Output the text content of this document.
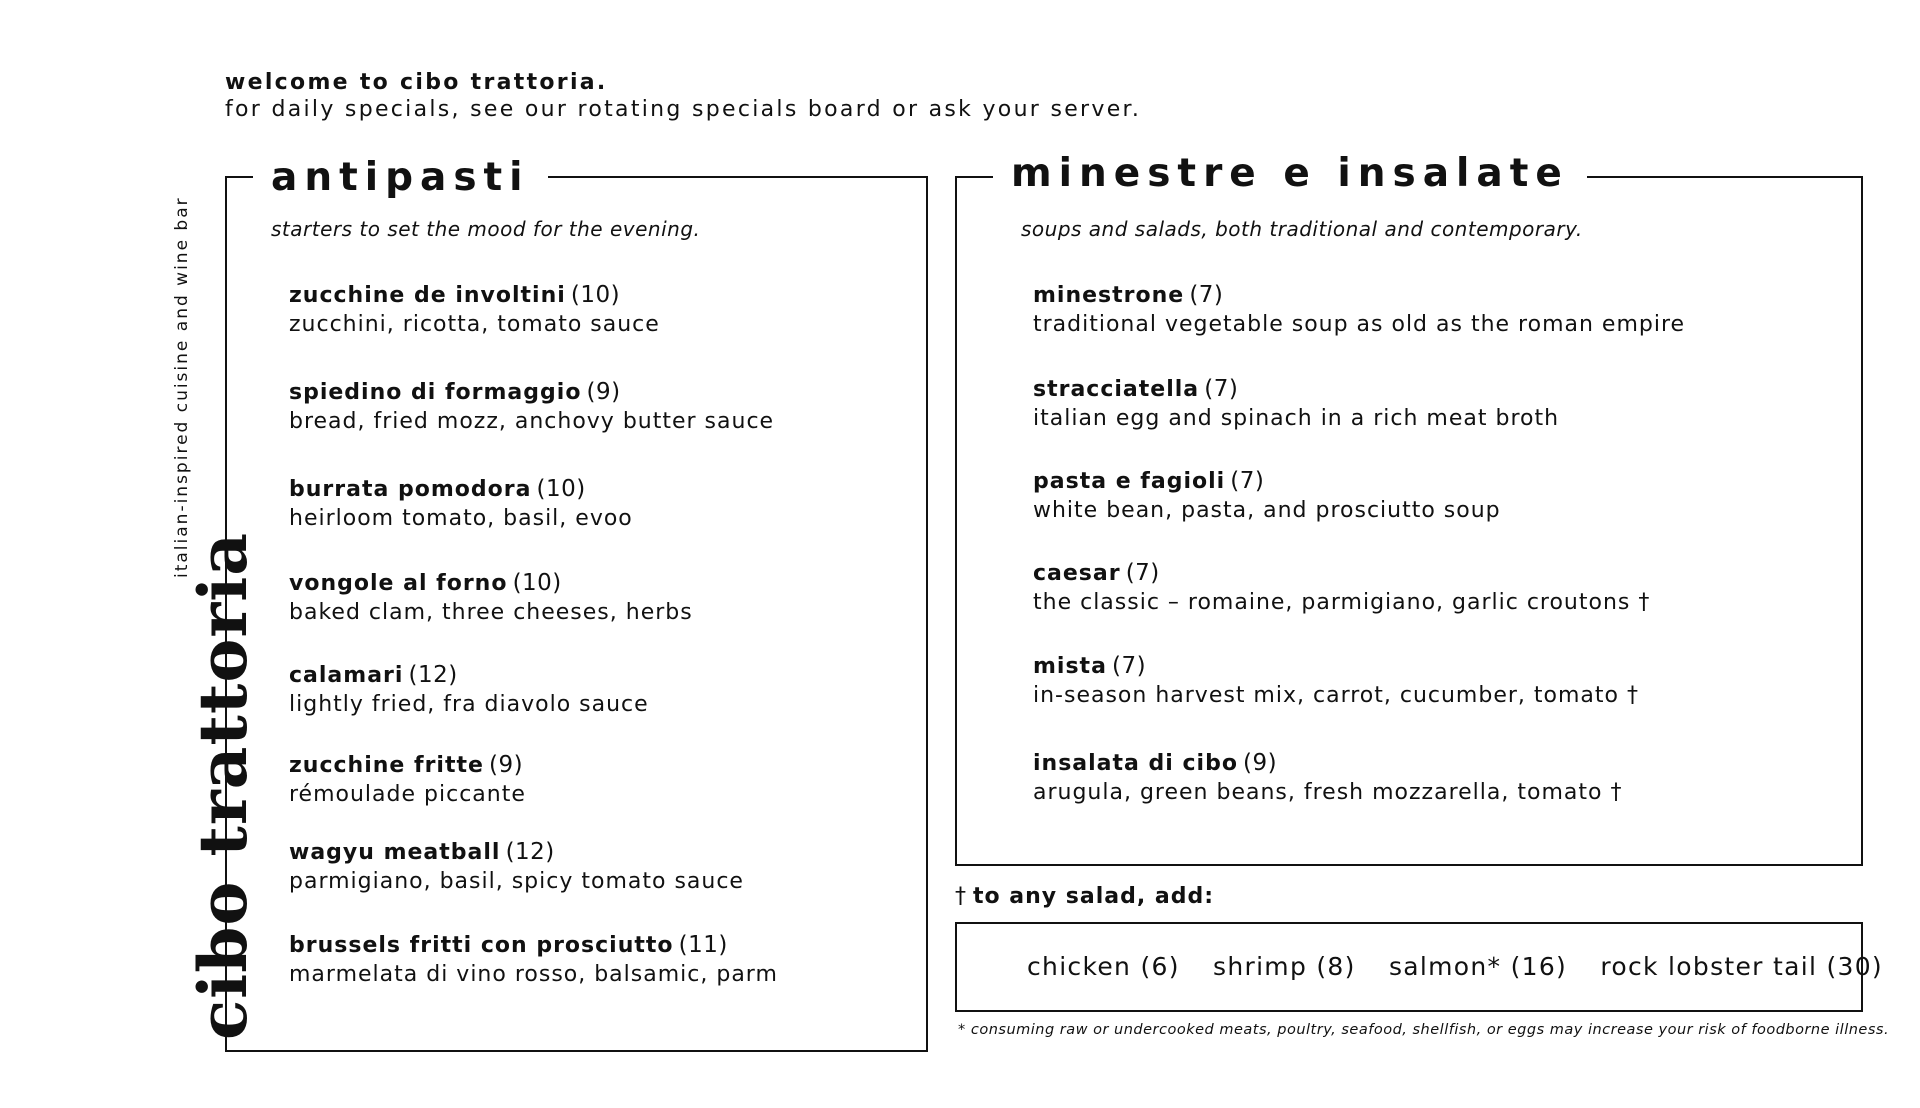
cibo trattoria
italian-inspired cuisine and wine bar
welcome to cibo trattoria.
for daily specials, see our rotating specials board or ask your server.
antipasti
starters to set the mood for the evening.
zucchine de involtini (10)
zucchini, ricotta, tomato sauce
spiedino di formaggio (9)
bread, fried mozz, anchovy butter sauce
burrata pomodora (10)
heirloom tomato, basil, evoo
vongole al forno (10)
baked clam, three cheeses, herbs
calamari (12)
lightly fried, fra diavolo sauce
zucchine fritte (9)
rémoulade piccante
wagyu meatball (12)
parmigiano, basil, spicy tomato sauce
brussels fritti con prosciutto (11)
marmelata di vino rosso, balsamic, parm
minestre e insalate
soups and salads, both traditional and contemporary.
minestrone (7)
traditional vegetable soup as old as the roman empire
stracciatella (7)
italian egg and spinach in a rich meat broth
pasta e fagioli (7)
white bean, pasta, and prosciutto soup
caesar (7)
the classic – romaine, parmigiano, garlic croutons †
mista (7)
in-season harvest mix, carrot, cucumber, tomato †
insalata di cibo (9)
arugula, green beans, fresh mozzarella, tomato †
† to any salad, add:
chicken (6) shrimp (8) salmon* (16) rock lobster tail (30)
* consuming raw or undercooked meats, poultry, seafood, shellfish, or eggs may increase your risk of foodborne illness.
